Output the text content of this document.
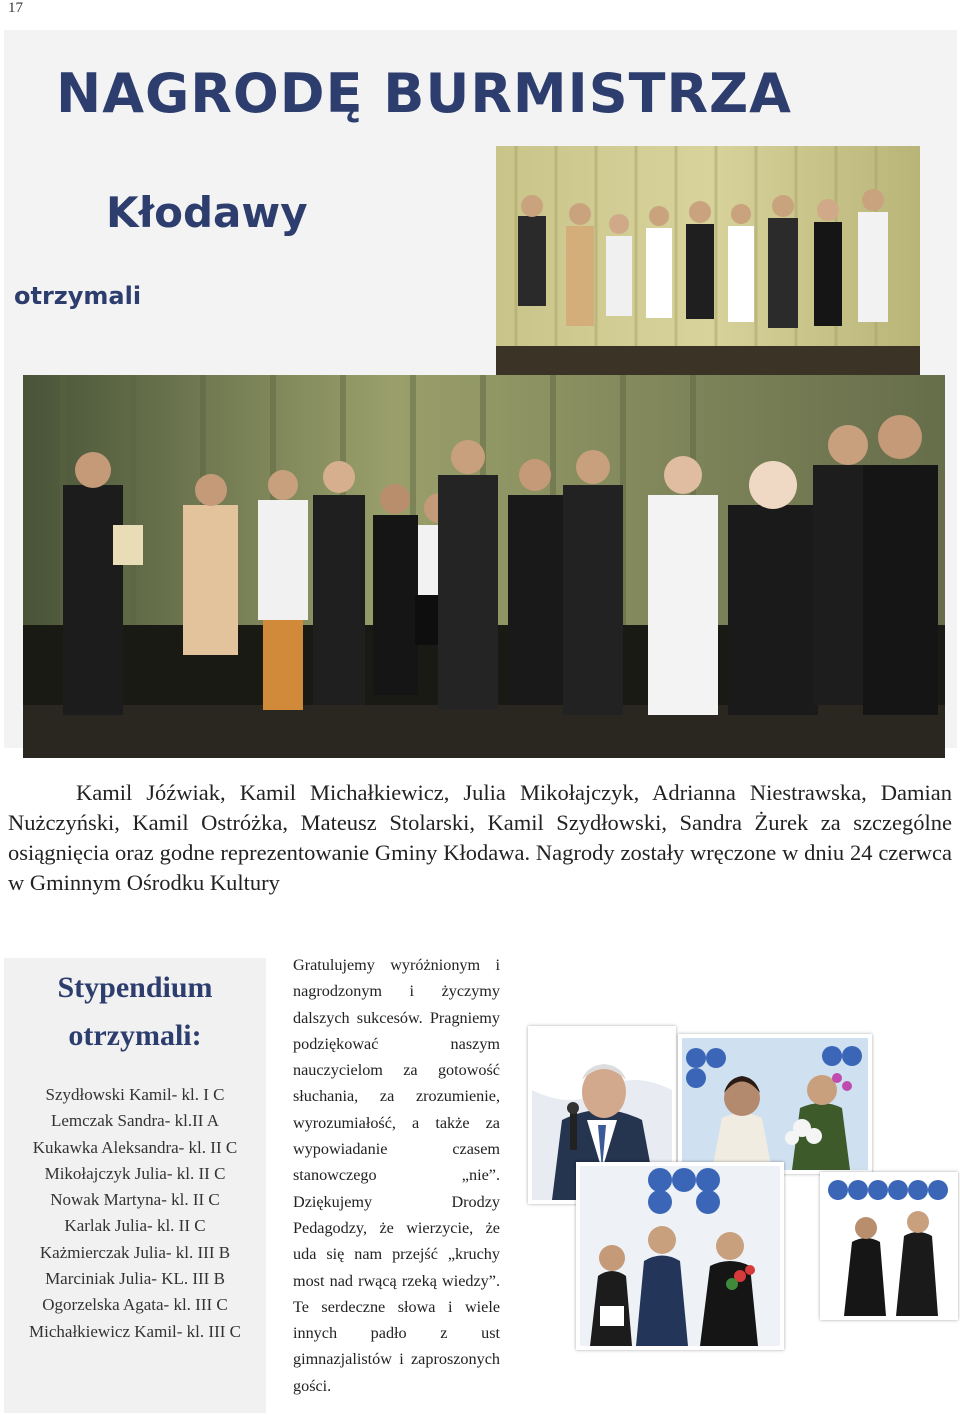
17
NAGRODĘ BURMISTRZA
Kłodawy
otrzymali
Kamil Jóźwiak, Kamil Michałkiewicz, Julia Mikołajczyk, Adrianna Niestrawska, Damian Nużczyński, Kamil Ostróżka, Mateusz Stolarski, Kamil Szydłowski, Sandra Żurek za szczególne osiągnięcia oraz godne reprezentowanie Gminy Kłodawa. Nagrody zostały wręczone w dniu 24 czerwca w Gminnym Ośrodku Kultury
Stypendium
otrzymali:
Szydłowski Kamil- kl. I C
Lemczak Sandra- kl.II A
Kukawka Aleksandra- kl. II C
Mikołajczyk Julia- kl. II C
Nowak Martyna- kl. II C
Karlak Julia- kl. II C
Każmierczak Julia- kl. III B
Marciniak Julia- KL. III B
Ogorzelska Agata- kl. III C
Michałkiewicz Kamil- kl. III C
Gratulujemy wyróżnionym i nagrodzonym i życzymy dalszych sukcesów. Pragniemy podziękować naszym nauczycielom za gotowość słuchania, za zrozumienie, wyrozumiałość, a także za wypowiadanie czasem stanowczego „nie”. Dziękujemy Drodzy Pedagodzy, że wierzycie, że uda się nam przejść „kruchy most nad rwącą rzeką wiedzy”. Te serdeczne słowa i wiele innych padło z ust gimnazjalistów i zaproszonych gości.
